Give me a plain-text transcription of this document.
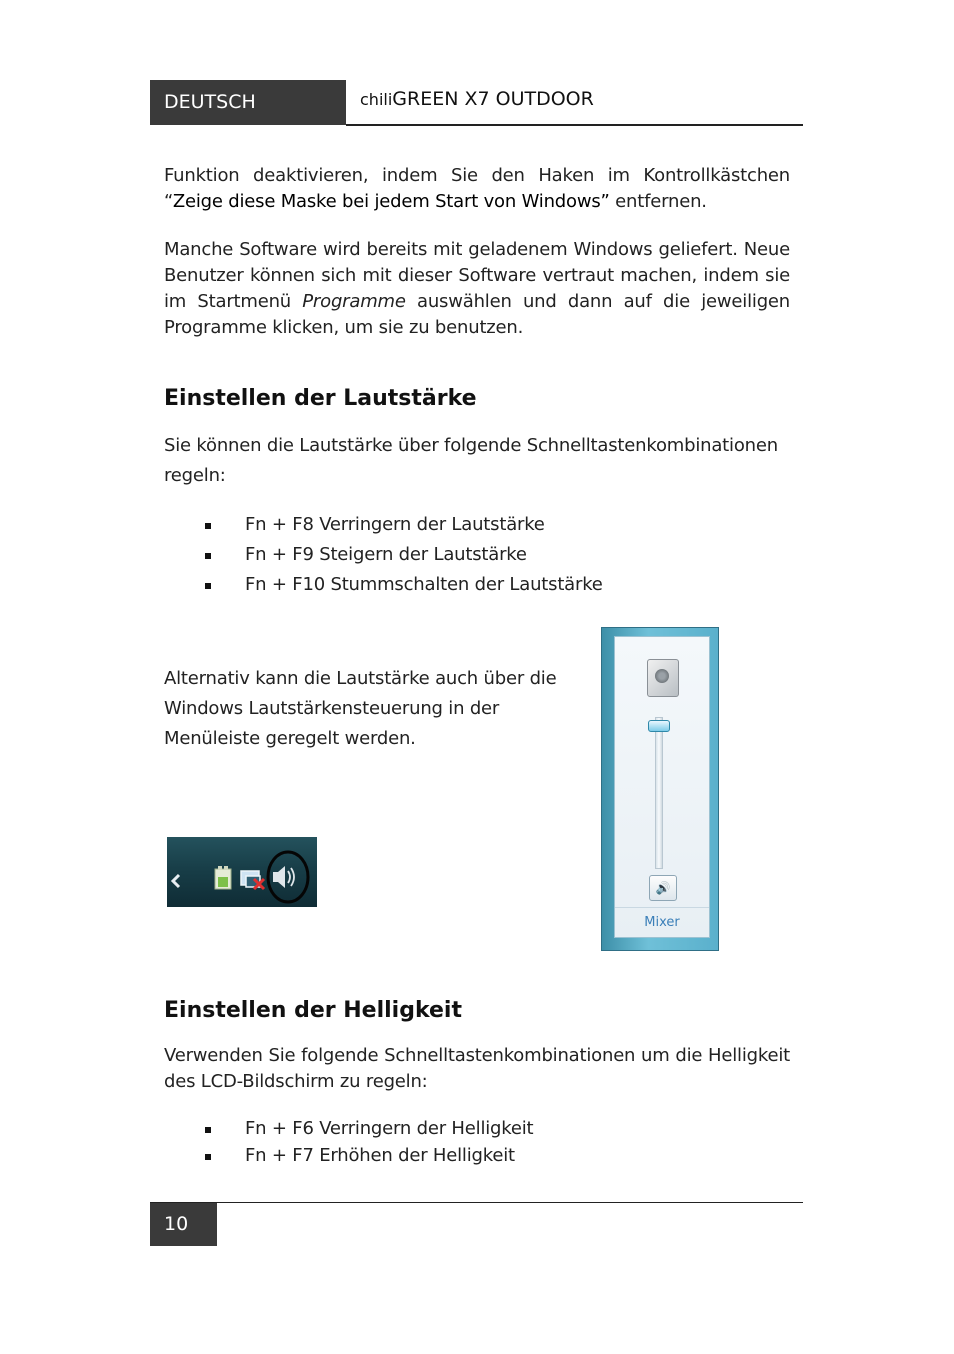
DEUTSCH	chiliGREEN X7 OUTDOOR
Funktion deaktivieren, indem Sie den Haken im Kontrollkästchen “Zeige diese Maske bei jedem Start von Windows” entfernen.
Manche Software wird bereits mit geladenem Windows geliefert. Neue Benutzer können sich mit dieser Software vertraut machen, indem sie im Startmenü Programme auswählen und dann auf die jeweiligen Programme klicken, um sie zu benutzen.
Einstellen der Lautstärke
Sie können die Lautstärke über folgende Schnelltastenkombinationen regeln:
Fn + F8 Verringern der Lautstärke
Fn + F9 Steigern der Lautstärke
Fn + F10 Stummschalten der Lautstärke
Alternativ kann die Lautstärke auch über die Windows Lautstärkensteuerung in der Menüleiste geregelt werden.
🔊
Mixer
Einstellen der Helligkeit
Verwenden Sie folgende Schnelltastenkombinationen um die Helligkeit des LCD-Bildschirm zu regeln:
Fn + F6 Verringern der Helligkeit
Fn + F7 Erhöhen der Helligkeit
10
